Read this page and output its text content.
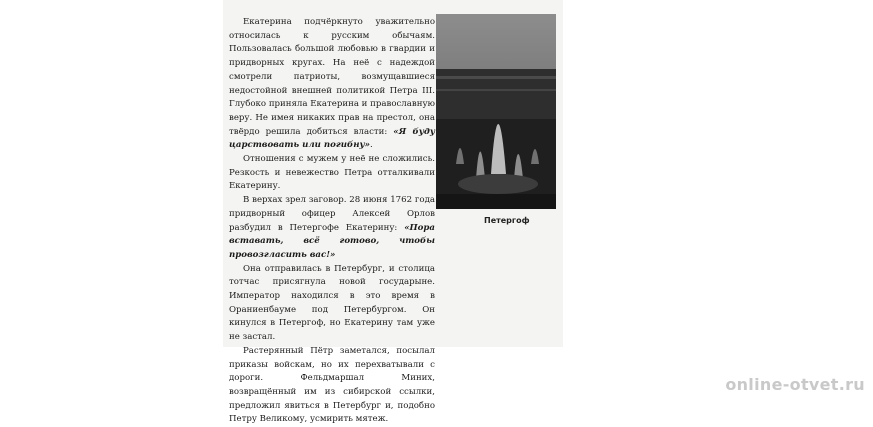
Екатерина подчёркнуто уважительно относилась к русским обычаям. Пользовалась большой любовью в гвардии и придворных кругах. На неё с надеждой смотрели патриоты, возмущавшиеся недостойной внешней политикой Петра III. Глубоко приняла Екатерина и православную веру. Не имея никаких прав на престол, она твёрдо решила добиться власти: «Я буду царствовать или погибну».

Отношения с мужем у неё не сложились. Резкость и невежество Петра отталкивали Екатерину.

В верхах зрел заговор. 28 июня 1762 года придворный офицер Алексей Орлов разбудил в Петергофе Екатерину: «Пора вставать, всё готово, чтобы провозгласить вас!»

Она отправилась в Петербург, и столица тотчас присягнула новой государыне. Император находился в это время в Ораниенбауме под Петербургом. Он кинулся в Петергоф, но Екатерину там уже не застал.

Растерянный Пётр заметался, посылал приказы войскам, но их перехватывали с дороги. Фельдмаршал Миних, возвращённый им из сибирской ссылки, предложил явиться в Петербург и, подобно Петру Великому, усмирить мятеж.

Петергоф
online-otvet.ru
